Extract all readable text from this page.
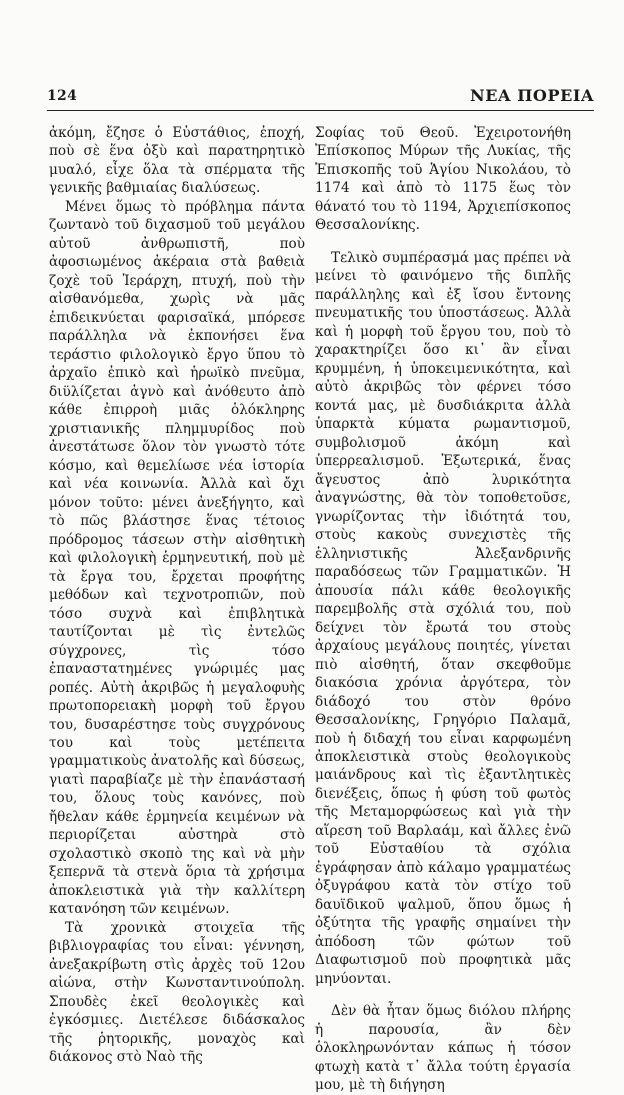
124	ΝΕΑ ΠΟΡΕΙΑ

ἀκόμη, ἔζησε ὁ Εὐστάθιος, ἐποχή, ποὺ σὲ ἕνα ὀξὺ καὶ παρατηρητικὸ μυαλό, εἶχε ὅλα τὰ σπέρματα τῆς γενικῆς βαθμιαίας διαλύσεως.

Μένει ὅμως τὸ πρόβλημα πάντα ζωντανὸ τοῦ διχασμοῦ τοῦ μεγάλου αὐτοῦ ἀνθρωπιστῆ, ποὺ ἀφοσιωμένος ἀκέραια στὰ βαθειὰ ζοχὲ τοῦ Ἱεράρχη, πτυχή, ποὺ τὴν αἰσθανόμεθα, χωρὶς νὰ μᾶς ἐπιδεικνύεται φαρισαϊκά, μπόρεσε παράλληλα νὰ ἐκπονήσει ἕνα τεράστιο φιλολογικὸ ἔργο ὕπου τὸ ἀρχαῖο ἐπικὸ καὶ ἡρωϊκὸ πνεῦμα, διϋλίζεται ἁγνὸ καὶ ἀνόθευτο ἀπὸ κάθε ἐπιρροὴ μιᾶς ὁλόκληρης χριστιανικῆς πλημμυρίδος ποὺ ἀνεστάτωσε ὅλον τὸν γνωστὸ τότε κόσμο, καὶ θεμελίωσε νέα ἱστορία καὶ νέα κοινωνία. Ἀλλὰ καὶ ὄχι μόνον τοῦτο: μένει ἀνεξήγητο, καὶ τὸ πῶς βλάστησε ἕνας τέτοιος πρόδρομος τάσεων στὴν αἰσθητικὴ καὶ φιλολογικὴ ἑρμηνευτική, ποὺ μὲ τὰ ἔργα του, ἔρχεται προφήτης μεθόδων καὶ τεχνοτροπιῶν, ποὺ τόσο συχνὰ καὶ ἐπιβλητικὰ ταυτίζονται μὲ τὶς ἐντελῶς σύγχρονες, τὶς τόσο ἐπαναστατημένες γνώριμές μας ροπές. Αὐτὴ ἀκριβῶς ἡ μεγαλοφυὴς πρωτοπορειακὴ μορφὴ τοῦ ἔργου του, δυσαρέστησε τοὺς συγχρόνους του καὶ τοὺς μετέπειτα γραμματικοὺς ἀνατολῆς καὶ δύσεως, γιατὶ παραβίαζε μὲ τὴν ἐπανάστασή του, ὅλους τοὺς κανόνες, ποὺ ἤθελαν κάθε ἑρμηνεία κειμένων νὰ περιορίζεται αὐστηρὰ στὸ σχολαστικὸ σκοπὸ της καὶ νὰ μὴν ξεπερνᾶ τὰ στενὰ ὅρια τὰ χρήσιμα ἀποκλειστικὰ γιὰ τὴν καλλίτερη κατανόηση τῶν κειμένων.

Τὰ χρονικὰ στοιχεῖα τῆς βιβλιογραφίας του εἶναι: γέννηση, ἀνεξακρίβωτη στὶς ἀρχὲς τοῦ 12ου αἰώνα, στὴν Κωνσταντινούπολη. Σπουδὲς ἐκεῖ θεολογικὲς καὶ ἐγκόσμιες. Διετέλεσε διδάσκαλος τῆς ῥητορικῆς, μοναχὸς καὶ διάκονος στὸ Ναὸ τῆς

Σοφίας τοῦ Θεοῦ. Ἐχειροτονήθη Ἐπίσκοπος Μύρων τῆς Λυκίας, τῆς Ἐπισκοπῆς τοῦ Ἁγίου Νικολάου, τὸ 1174 καὶ ἀπὸ τὸ 1175 ἕως τὸν θάνατό του τὸ 1194, Ἀρχιεπίσκοπος Θεσσαλονίκης.

Τελικὸ συμπέρασμά μας πρέπει νὰ μείνει τὸ φαινόμενο τῆς διπλῆς παράλληλης καὶ ἐξ ἴσου ἔντονης πνευματικῆς του ὑποστάσεως. Ἀλλὰ καὶ ἡ μορφὴ τοῦ ἔργου του, ποὺ τὸ χαρακτηρίζει ὅσο κι᾽ ἂν εἶναι κρυμμένη, ἡ ὑποκειμενικότητα, καὶ αὐτὸ ἀκριβῶς τὸν φέρνει τόσο κοντά μας, μὲ δυσδιάκριτα ἀλλὰ ὑπαρκτὰ κύματα ρωμαντισμοῦ, συμβολισμοῦ ἀκόμη καὶ ὑπερρεαλισμοῦ. Ἐξωτερικά, ἕνας ἄγευστος ἀπὸ λυρικότητα ἀναγνώστης, θὰ τὸν τοποθετοῦσε, γνωρίζοντας τὴν ἰδιότητά του, στοὺς κακοὺς συνεχιστὲς τῆς ἑλληνιστικῆς Ἀλεξανδρινῆς παραδόσεως τῶν Γραμματικῶν. Ἡ ἀπουσία πάλι κάθε θεολογικῆς παρεμβολῆς στὰ σχόλιά του, ποὺ δείχνει τὸν ἔρωτά του στοὺς ἀρχαίους μεγάλους ποιητές, γίνεται πιὸ αἰσθητή, ὅταν σκεφθοῦμε διακόσια χρόνια ἀργότερα, τὸν διάδοχό του στὸν θρόνο Θεσσαλονίκης, Γρηγόριο Παλαμᾶ, ποὺ ἡ διδαχή του εἶναι καρφωμένη ἀποκλειστικὰ στοὺς θεολογικοὺς μαιάνδρους καὶ τὶς ἐξαντλητικὲς διενέξεις, ὅπως ἡ φύση τοῦ φωτὸς τῆς Μεταμορφώσεως καὶ γιὰ τὴν αἵρεση τοῦ Βαρλαάμ, καὶ ἄλλες ἐνῶ τοῦ Εὐσταθίου τὰ σχόλια ἐγράφησαν ἀπὸ κάλαμο γραμματέως ὀξυγράφου κατὰ τὸν στίχο τοῦ δαυϊδικοῦ ψαλμοῦ, ὅπου ὅμως ἡ ὀξύτητα τῆς γραφῆς σημαίνει τὴν ἀπόδοση τῶν φώτων τοῦ Διαφωτισμοῦ ποὺ προφητικὰ μᾶς μηνύονται.

Δὲν θὰ ἦταν ὅμως διόλου πλήρης ἡ παρουσία, ἂν δὲν ὁλοκληρωνόνταν κάπως ἡ τόσον φτωχὴ κατὰ τ᾽ ἄλλα τούτη ἐργασία μου, μὲ τὴ διήγηση
